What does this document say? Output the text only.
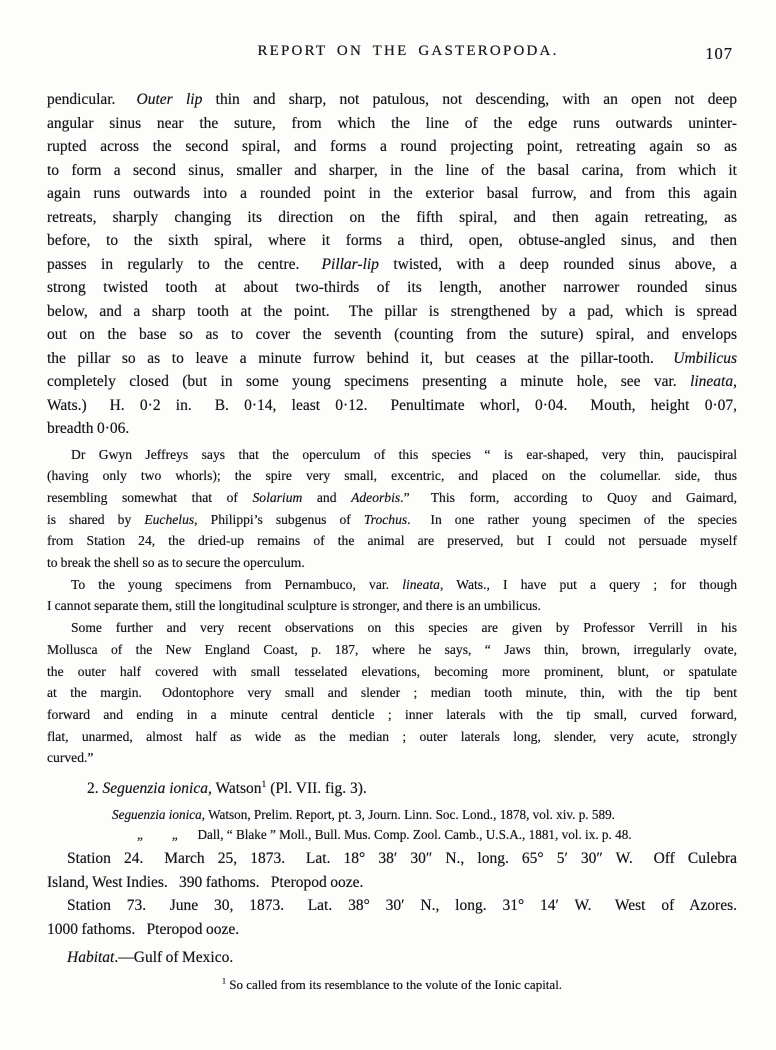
REPORT ON THE GASTEROPODA.	107
pendicular.  Outer lip thin and sharp, not patulous, not descending, with an open not deep
angular sinus near the suture, from which the line of the edge runs outwards uninter-
rupted across the second spiral, and forms a round projecting point, retreating again so as
to form a second sinus, smaller and sharper, in the line of the basal carina, from which it
again runs outwards into a rounded point in the exterior basal furrow, and from this again
retreats, sharply changing its direction on the fifth spiral, and then again retreating, as
before, to the sixth spiral, where it forms a third, open, obtuse-angled sinus, and then
passes in regularly to the centre.  Pillar-lip twisted, with a deep rounded sinus above, a
strong twisted tooth at about two-thirds of its length, another narrower rounded sinus
below, and a sharp tooth at the point.  The pillar is strengthened by a pad, which is spread
out on the base so as to cover the seventh (counting from the suture) spiral, and envelops
the pillar so as to leave a minute furrow behind it, but ceases at the pillar-tooth.  Umbilicus
completely closed (but in some young specimens presenting a minute hole, see var. lineata,
Wats.)  H. 0·2 in.  B. 0·14, least 0·12.  Penultimate whorl, 0·04.  Mouth, height 0·07,
breadth 0·06.
Dr Gwyn Jeffreys says that the operculum of this species “ is ear-shaped, very thin, paucispiral
(having only two whorls); the spire very small, excentric, and placed on the columellar. side, thus
resembling somewhat that of Solarium and Adeorbis.”  This form, according to Quoy and Gaimard,
is shared by Euchelus, Philippi’s subgenus of Trochus.  In one rather young specimen of the species
from Station 24, the dried-up remains of the animal are preserved, but I could not persuade myself
to break the shell so as to secure the operculum.
To the young specimens from Pernambuco, var. lineata, Wats., I have put a query ; for though
I cannot separate them, still the longitudinal sculpture is stronger, and there is an umbilicus.
Some further and very recent observations on this species are given by Professor Verrill in his
Mollusca of the New England Coast, p. 187, where he says, “ Jaws thin, brown, irregularly ovate,
the outer half covered with small tesselated elevations, becoming more prominent, blunt, or spatulate
at the margin.  Odontophore very small and slender ; median tooth minute, thin, with the tip bent
forward and ending in a minute central denticle ; inner laterals with the tip small, curved forward,
flat, unarmed, almost half as wide as the median ; outer laterals long, slender, very acute, strongly
curved.”
2. Seguenzia ionica, Watson$^1$ (Pl. VII. fig. 3).
Seguenzia ionica, Watson, Prelim. Report, pt. 3, Journ. Linn. Soc. Lond., 1878, vol. xiv. p. 589.
„   „  Dall, “ Blake ” Moll., Bull. Mus. Comp. Zool. Camb., U.S.A., 1881, vol. ix. p. 48.
Station 24.  March 25, 1873.  Lat. 18° 38′ 30″ N., long. 65° 5′ 30″ W.  Off Culebra
Island, West Indies.  390 fathoms.  Pteropod ooze.
Station 73.  June 30, 1873.  Lat. 38° 30′ N., long. 31° 14′ W.  West of Azores.
1000 fathoms.  Pteropod ooze.
Habitat.—Gulf of Mexico.
$^1$ So called from its resemblance to the volute of the Ionic capital.
